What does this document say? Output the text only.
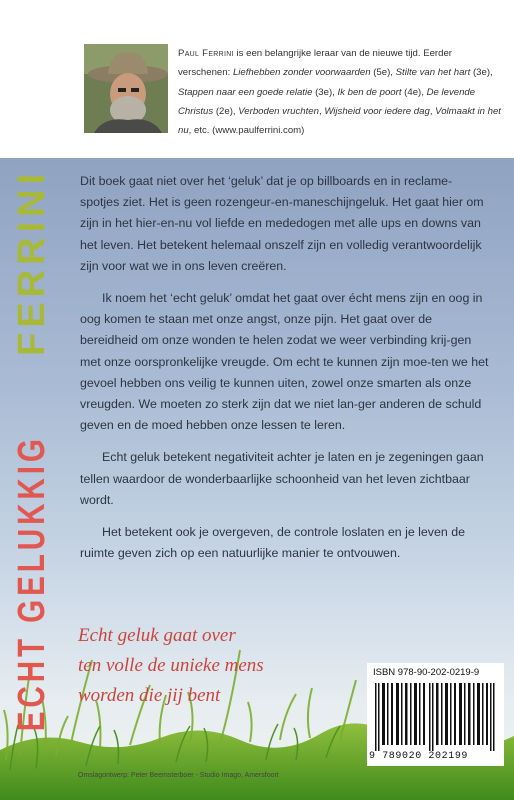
ECHT GELUKKIG FERRINI
Paul Ferrini is een belangrijke leraar van de nieuwe tijd. Eerder verschenen: Liefhebben zonder voorwaarden (5e), Stilte van het hart (3e), Stappen naar een goede relatie (3e), Ik ben de poort (4e), De levende Christus (2e), Verboden vruchten, Wijsheid voor iedere dag, Volmaakt in het nu, etc. (www.paulferrini.com)

Dit boek gaat niet over het ‘geluk’ dat je op billboards en in reclame-spotjes ziet. Het is geen rozengeur-en-maneschijngeluk. Het gaat hier om zijn in het hier-en-nu vol liefde en mededogen met alle ups en downs van het leven. Het betekent helemaal onszelf zijn en volledig verantwoordelijk zijn voor wat we in ons leven creëren.

Ik noem het ‘echt geluk’ omdat het gaat over écht mens zijn en oog in oog komen te staan met onze angst, onze pijn. Het gaat over de bereidheid om onze wonden te helen zodat we weer verbinding krij-gen met onze oorspronkelijke vreugde. Om echt te kunnen zijn moe-ten we het gevoel hebben ons veilig te kunnen uiten, zowel onze smarten als onze vreugden. We moeten zo sterk zijn dat we niet lan-ger anderen de schuld geven en de moed hebben onze lessen te leren.

Echt geluk betekent negativiteit achter je laten en je zegeningen gaan tellen waardoor de wonderbaarlijke schoonheid van het leven zichtbaar wordt.

Het betekent ook je overgeven, de controle loslaten en je leven de ruimte geven zich op een natuurlijke manier te ontvouwen.

Echt geluk gaat over
ten volle de unieke mens
worden die jij bent
ISBN 978-90-202-0219-9
9 789020 202199
Omslagontwerp: Peter Beemsterboer - Studio Imago, Amersfoort
